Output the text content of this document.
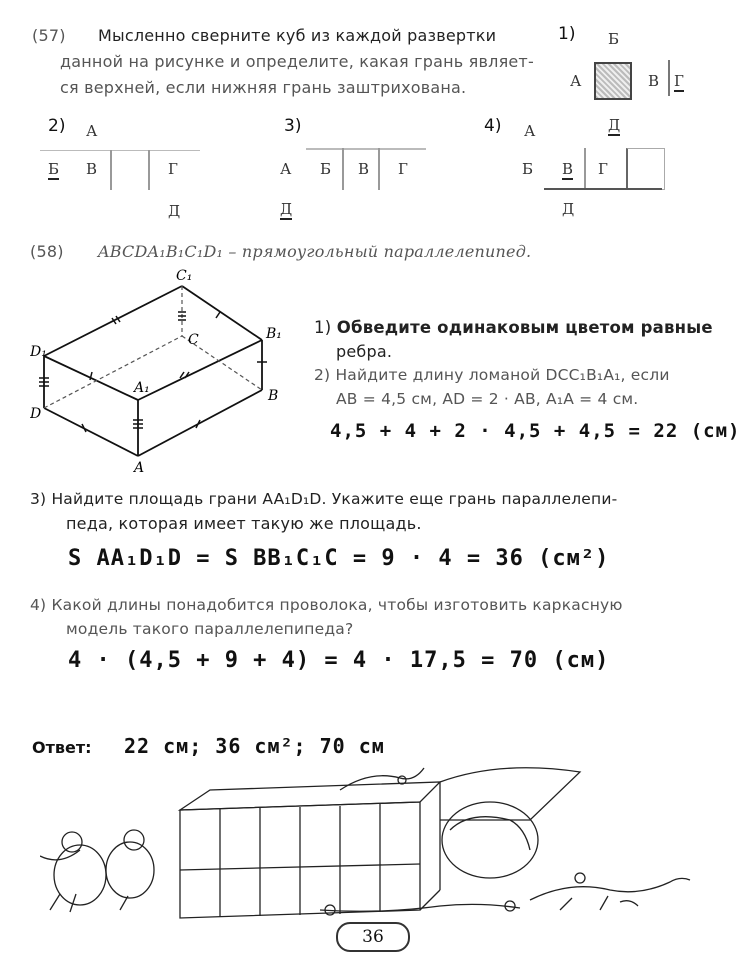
(57) Мысленно сверните куб из каждой развертки
данной на рисунке и определите, какая грань являет-
ся верхней, если нижняя грань заштрихована.
1) Б
А	В Г
2) А
Б В	Г
Д
3)
А Б В Г
Д
4) А	Д
Б В Г
Д
(58) ABCDA₁B₁C₁D₁ – прямоугольный параллелепипед.
C₁
B₁
D₁
A₁
C
B
D
A
1) Обведите одинаковым цветом равные
ребра.
2) Найдите длину ломаной DCC₁B₁A₁, если
AB = 4,5 см, AD = 2 · AB, A₁A = 4 см.
4,5 + 4 + 2 · 4,5 + 4,5 = 22 (см)
3) Найдите площадь грани AA₁D₁D. Укажите еще грань параллелепи-
педа, которая имеет такую же площадь.
S AA₁D₁D = S BB₁C₁C = 9 · 4 = 36 (см²)
4) Какой длины понадобится проволока, чтобы изготовить каркасную
модель такого параллелепипеда?
4 · (4,5 + 9 + 4) = 4 · 17,5 = 70 (см)
Ответ: 22 см; 36 см²; 70 см
36
